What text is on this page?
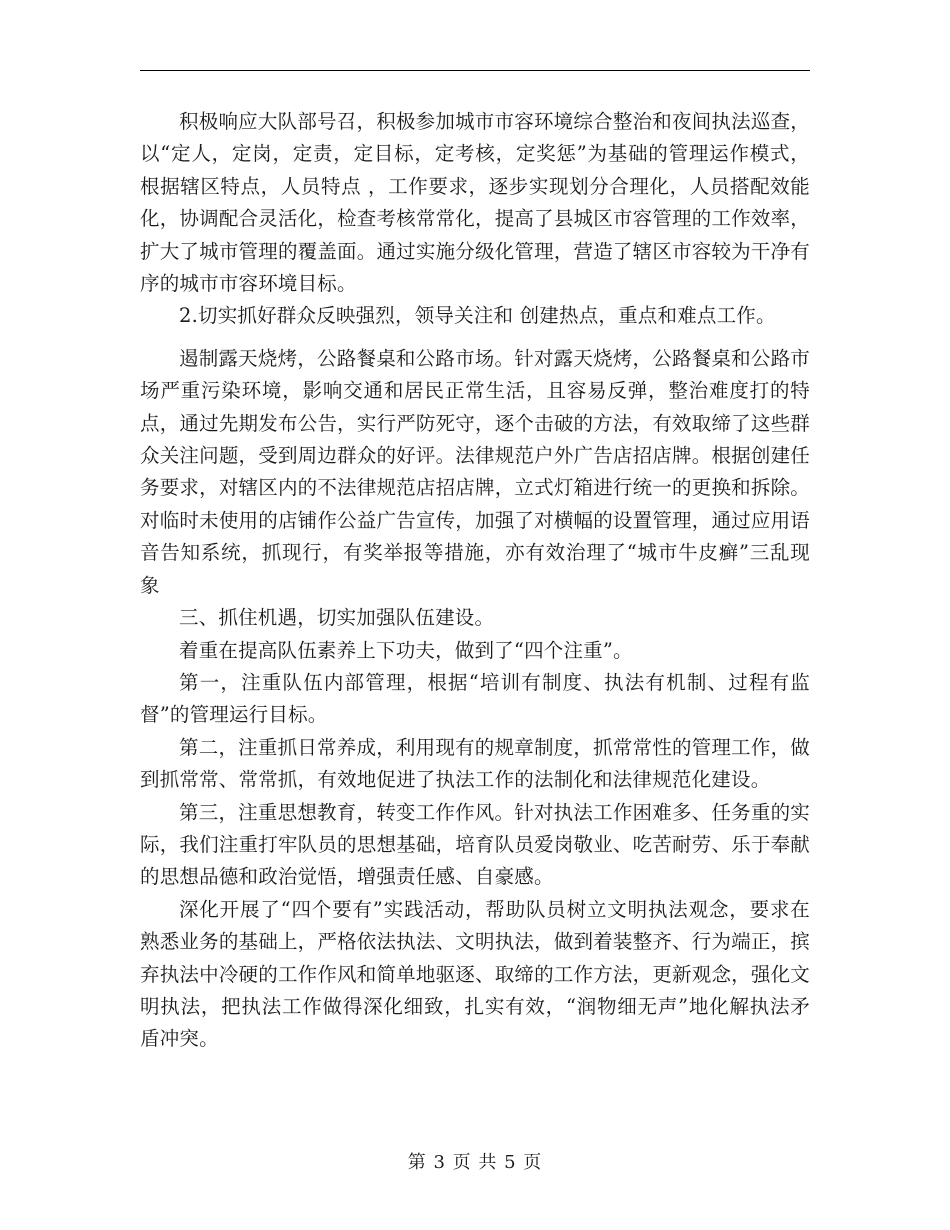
积极响应大队部号召，积极参加城市市容环境综合整治和夜间执法巡查，以“定人，定岗，定责，定目标，定考核，定奖惩”为基础的管理运作模式，根据辖区特点，人员特点 ，工作要求，逐步实现划分合理化，人员搭配效能化，协调配合灵活化，检查考核常常化，提高了县城区市容管理的工作效率，扩大了城市管理的覆盖面。通过实施分级化管理，营造了辖区市容较为干净有序的城市市容环境目标。

2.切实抓好群众反映强烈，领导关注和 创建热点，重点和难点工作。

遏制露天烧烤，公路餐桌和公路市场。针对露天烧烤，公路餐桌和公路市场严重污染环境，影响交通和居民正常生活，且容易反弹，整治难度打的特点，通过先期发布公告，实行严防死守，逐个击破的方法，有效取缔了这些群众关注问题，受到周边群众的好评。法律规范户外广告店招店牌。根据创建任务要求，对辖区内的不法律规范店招店牌，立式灯箱进行统一的更换和拆除。对临时未使用的店铺作公益广告宣传，加强了对横幅的设置管理，通过应用语音告知系统，抓现行，有奖举报等措施，亦有效治理了“城市牛皮癣”三乱现象

三、抓住机遇，切实加强队伍建设。

着重在提高队伍素养上下功夫，做到了“四个注重”。

第一，注重队伍内部管理，根据“培训有制度、执法有机制、过程有监督”的管理运行目标。

第二，注重抓日常养成，利用现有的规章制度，抓常常性的管理工作，做到抓常常、常常抓，有效地促进了执法工作的法制化和法律规范化建设。

第三，注重思想教育，转变工作作风。针对执法工作困难多、任务重的实际，我们注重打牢队员的思想基础，培育队员爱岗敬业、吃苦耐劳、乐于奉献的思想品德和政治觉悟，增强责任感、自豪感。

深化开展了“四个要有”实践活动，帮助队员树立文明执法观念，要求在熟悉业务的基础上，严格依法执法、文明执法，做到着装整齐、行为端正，摈弃执法中冷硬的工作作风和简单地驱逐、取缔的工作方法，更新观念，强化文明执法，把执法工作做得深化细致，扎实有效，“润物细无声”地化解执法矛盾冲突。

第 3 页 共 5 页
